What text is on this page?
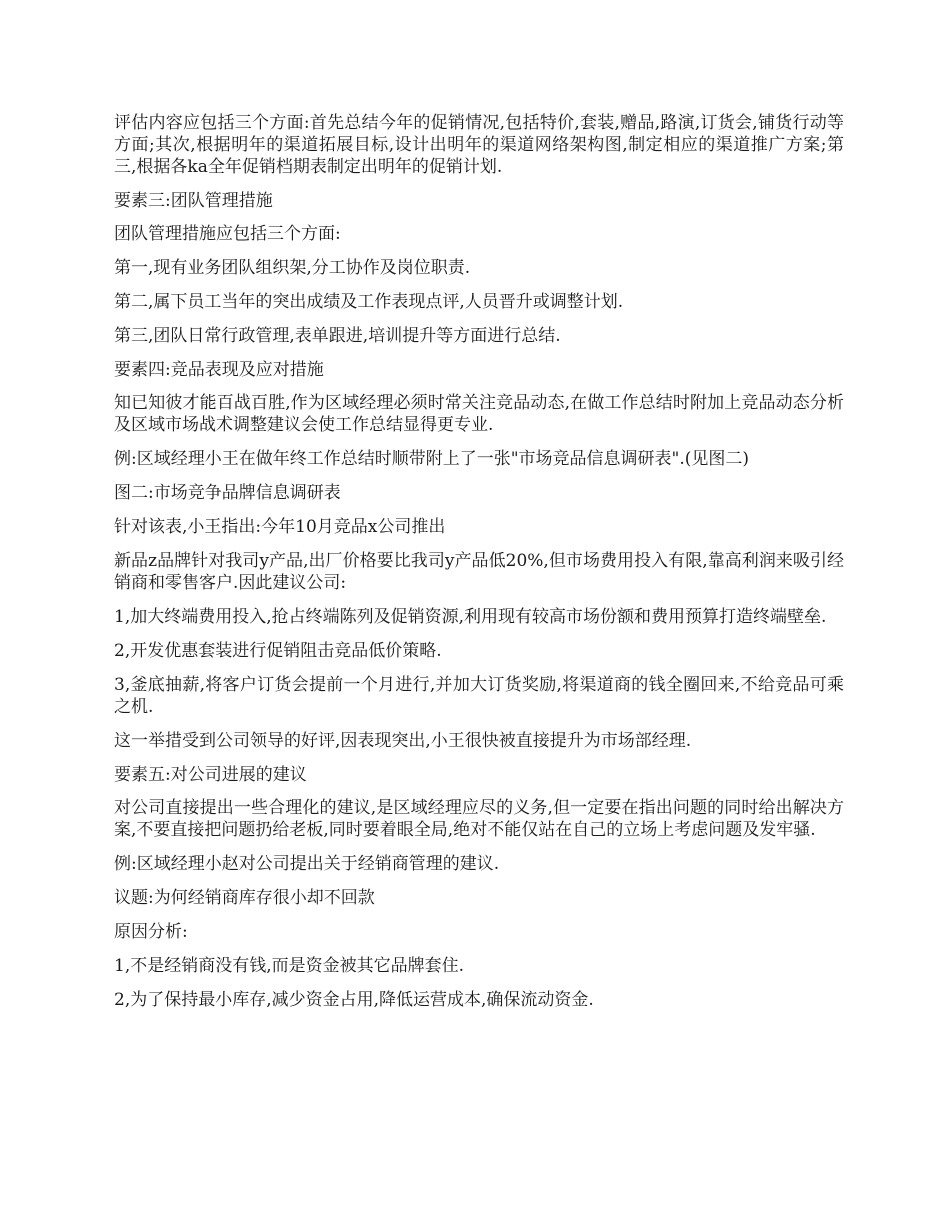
评估内容应包括三个方面:首先总结今年的促销情况,包括特价,套装,赠品,路演,订货会,铺货行动等方面;其次,根据明年的渠道拓展目标,设计出明年的渠道网络架构图,制定相应的渠道推广方案;第三,根据各ka全年促销档期表制定出明年的促销计划.

要素三:团队管理措施

团队管理措施应包括三个方面:

第一,现有业务团队组织架,分工协作及岗位职责.

第二,属下员工当年的突出成绩及工作表现点评,人员晋升或调整计划.

第三,团队日常行政管理,表单跟进,培训提升等方面进行总结.

要素四:竞品表现及应对措施

知已知彼才能百战百胜,作为区域经理必须时常关注竞品动态,在做工作总结时附加上竞品动态分析及区域市场战术调整建议会使工作总结显得更专业.

例:区域经理小王在做年终工作总结时顺带附上了一张"市场竞品信息调研表".(见图二)

图二:市场竞争品牌信息调研表

针对该表,小王指出:今年10月竞品x公司推出

新品z品牌针对我司y产品,出厂价格要比我司y产品低20%,但市场费用投入有限,靠高利润来吸引经销商和零售客户.因此建议公司:

1,加大终端费用投入,抢占终端陈列及促销资源,利用现有较高市场份额和费用预算打造终端壁垒.

2,开发优惠套装进行促销阻击竞品低价策略.

3,釜底抽薪,将客户订货会提前一个月进行,并加大订货奖励,将渠道商的钱全圈回来,不给竞品可乘之机.

这一举措受到公司领导的好评,因表现突出,小王很快被直接提升为市场部经理.

要素五:对公司进展的建议

对公司直接提出一些合理化的建议,是区域经理应尽的义务,但一定要在指出问题的同时给出解决方案,不要直接把问题扔给老板,同时要着眼全局,绝对不能仅站在自己的立场上考虑问题及发牢骚.

例:区域经理小赵对公司提出关于经销商管理的建议.

议题:为何经销商库存很小却不回款

原因分析:

1,不是经销商没有钱,而是资金被其它品牌套住.

2,为了保持最小库存,减少资金占用,降低运营成本,确保流动资金.
